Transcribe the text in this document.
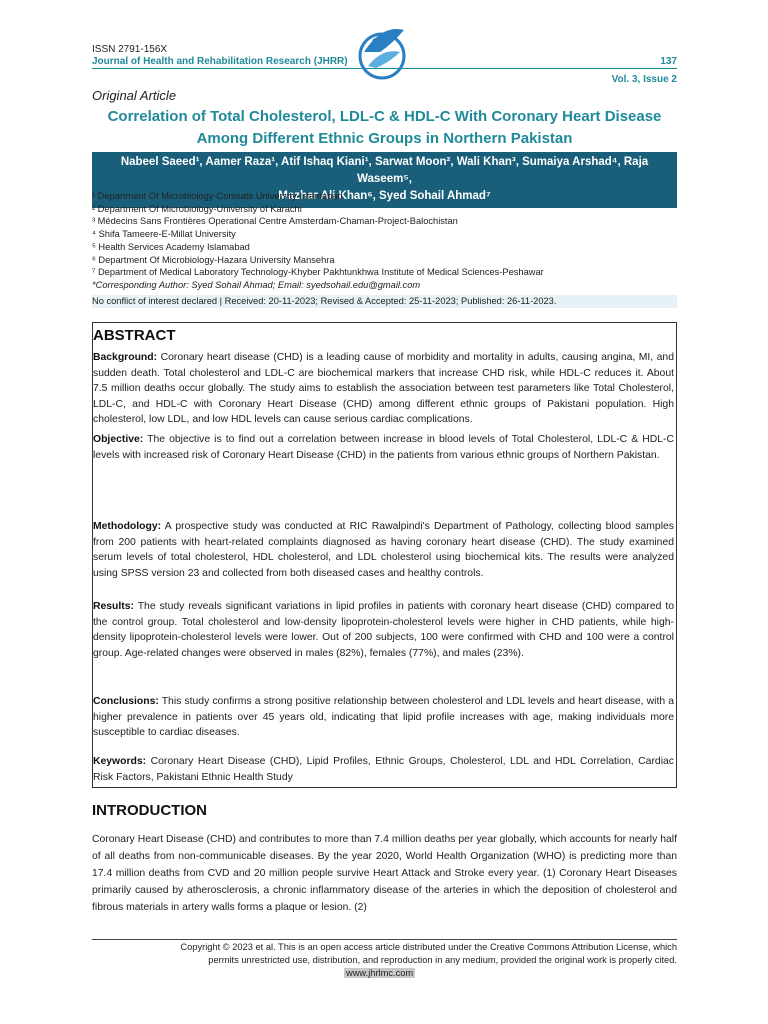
ISSN 2791-156X
Journal of Health and Rehabilitation Research (JHRR)	137
Vol. 3, Issue 2
Original Article
Correlation of Total Cholesterol, LDL-C & HDL-C With Coronary Heart Disease
Among Different Ethnic Groups in Northern Pakistan
Nabeel Saeed¹, Aamer Raza¹, Atif Ishaq Kiani¹, Sarwat Moon², Wali Khan³, Sumaiya Arshad⁴, Raja Waseem⁵,
Mazhar Ali Khan⁶, Syed Sohail Ahmad⁷
¹ Department Of Microbiology-Comsats University-Islamabad
² Department Of Microbiology-University of Karachi
³ Médecins Sans Frontières Operational Centre Amsterdam-Chaman-Project-Balochistan
⁴ Shifa Tameere-E-Millat University
⁵ Health Services Academy Islamabad
⁶ Department Of Microbiology-Hazara University Mansehra
⁷ Department of Medical Laboratory Technology-Khyber Pakhtunkhwa Institute of Medical Sciences-Peshawar
*Corresponding Author: Syed Sohail Ahmad; Email: syedsohail.edu@gmail.com
No conflict of interest declared | Received: 20-11-2023; Revised & Accepted: 25-11-2023; Published: 26-11-2023.
ABSTRACT
Background: Coronary heart disease (CHD) is a leading cause of morbidity and mortality in adults, causing angina, MI, and sudden death. Total cholesterol and LDL-C are biochemical markers that increase CHD risk, while HDL-C reduces it. About 7.5 million deaths occur globally. The study aims to establish the association between test parameters like Total Cholesterol, LDL-C, and HDL-C with Coronary Heart Disease (CHD) among different ethnic groups of Pakistani population. High cholesterol, low LDL, and low HDL levels can cause serious cardiac complications.
Objective: The objective is to find out a correlation between increase in blood levels of Total Cholesterol, LDL-C & HDL-C levels with increased risk of Coronary Heart Disease (CHD) in the patients from various ethnic groups of Northern Pakistan.
Methodology: A prospective study was conducted at RIC Rawalpindi's Department of Pathology, collecting blood samples from 200 patients with heart-related complaints diagnosed as having coronary heart disease (CHD). The study examined serum levels of total cholesterol, HDL cholesterol, and LDL cholesterol using biochemical kits. The results were analyzed using SPSS version 23 and collected from both diseased cases and healthy controls.
Results: The study reveals significant variations in lipid profiles in patients with coronary heart disease (CHD) compared to the control group. Total cholesterol and low-density lipoprotein-cholesterol levels were higher in CHD patients, while high-density lipoprotein-cholesterol levels were lower. Out of 200 subjects, 100 were confirmed with CHD and 100 were a control group. Age-related changes were observed in males (82%), females (77%), and males (23%).
Conclusions: This study confirms a strong positive relationship between cholesterol and LDL levels and heart disease, with a higher prevalence in patients over 45 years old, indicating that lipid profile increases with age, making individuals more susceptible to cardiac diseases.
Keywords: Coronary Heart Disease (CHD), Lipid Profiles, Ethnic Groups, Cholesterol, LDL and HDL Correlation, Cardiac Risk Factors, Pakistani Ethnic Health Study
INTRODUCTION
Coronary Heart Disease (CHD) and contributes to more than 7.4 million deaths per year globally, which accounts for nearly half of all deaths from non-communicable diseases. By the year 2020, World Health Organization (WHO) is predicting more than 17.4 million deaths from CVD and 20 million people survive Heart Attack and Stroke every year. (1) Coronary Heart Diseases primarily caused by atherosclerosis, a chronic inflammatory disease of the arteries in which the deposition of cholesterol and fibrous materials in artery walls forms a plaque or lesion. (2)
Copyright © 2023 et al. This is an open access article distributed under the Creative Commons Attribution License, which
permits unrestricted use, distribution, and reproduction in any medium, provided the original work is properly cited.
www.jhrlmc.com
